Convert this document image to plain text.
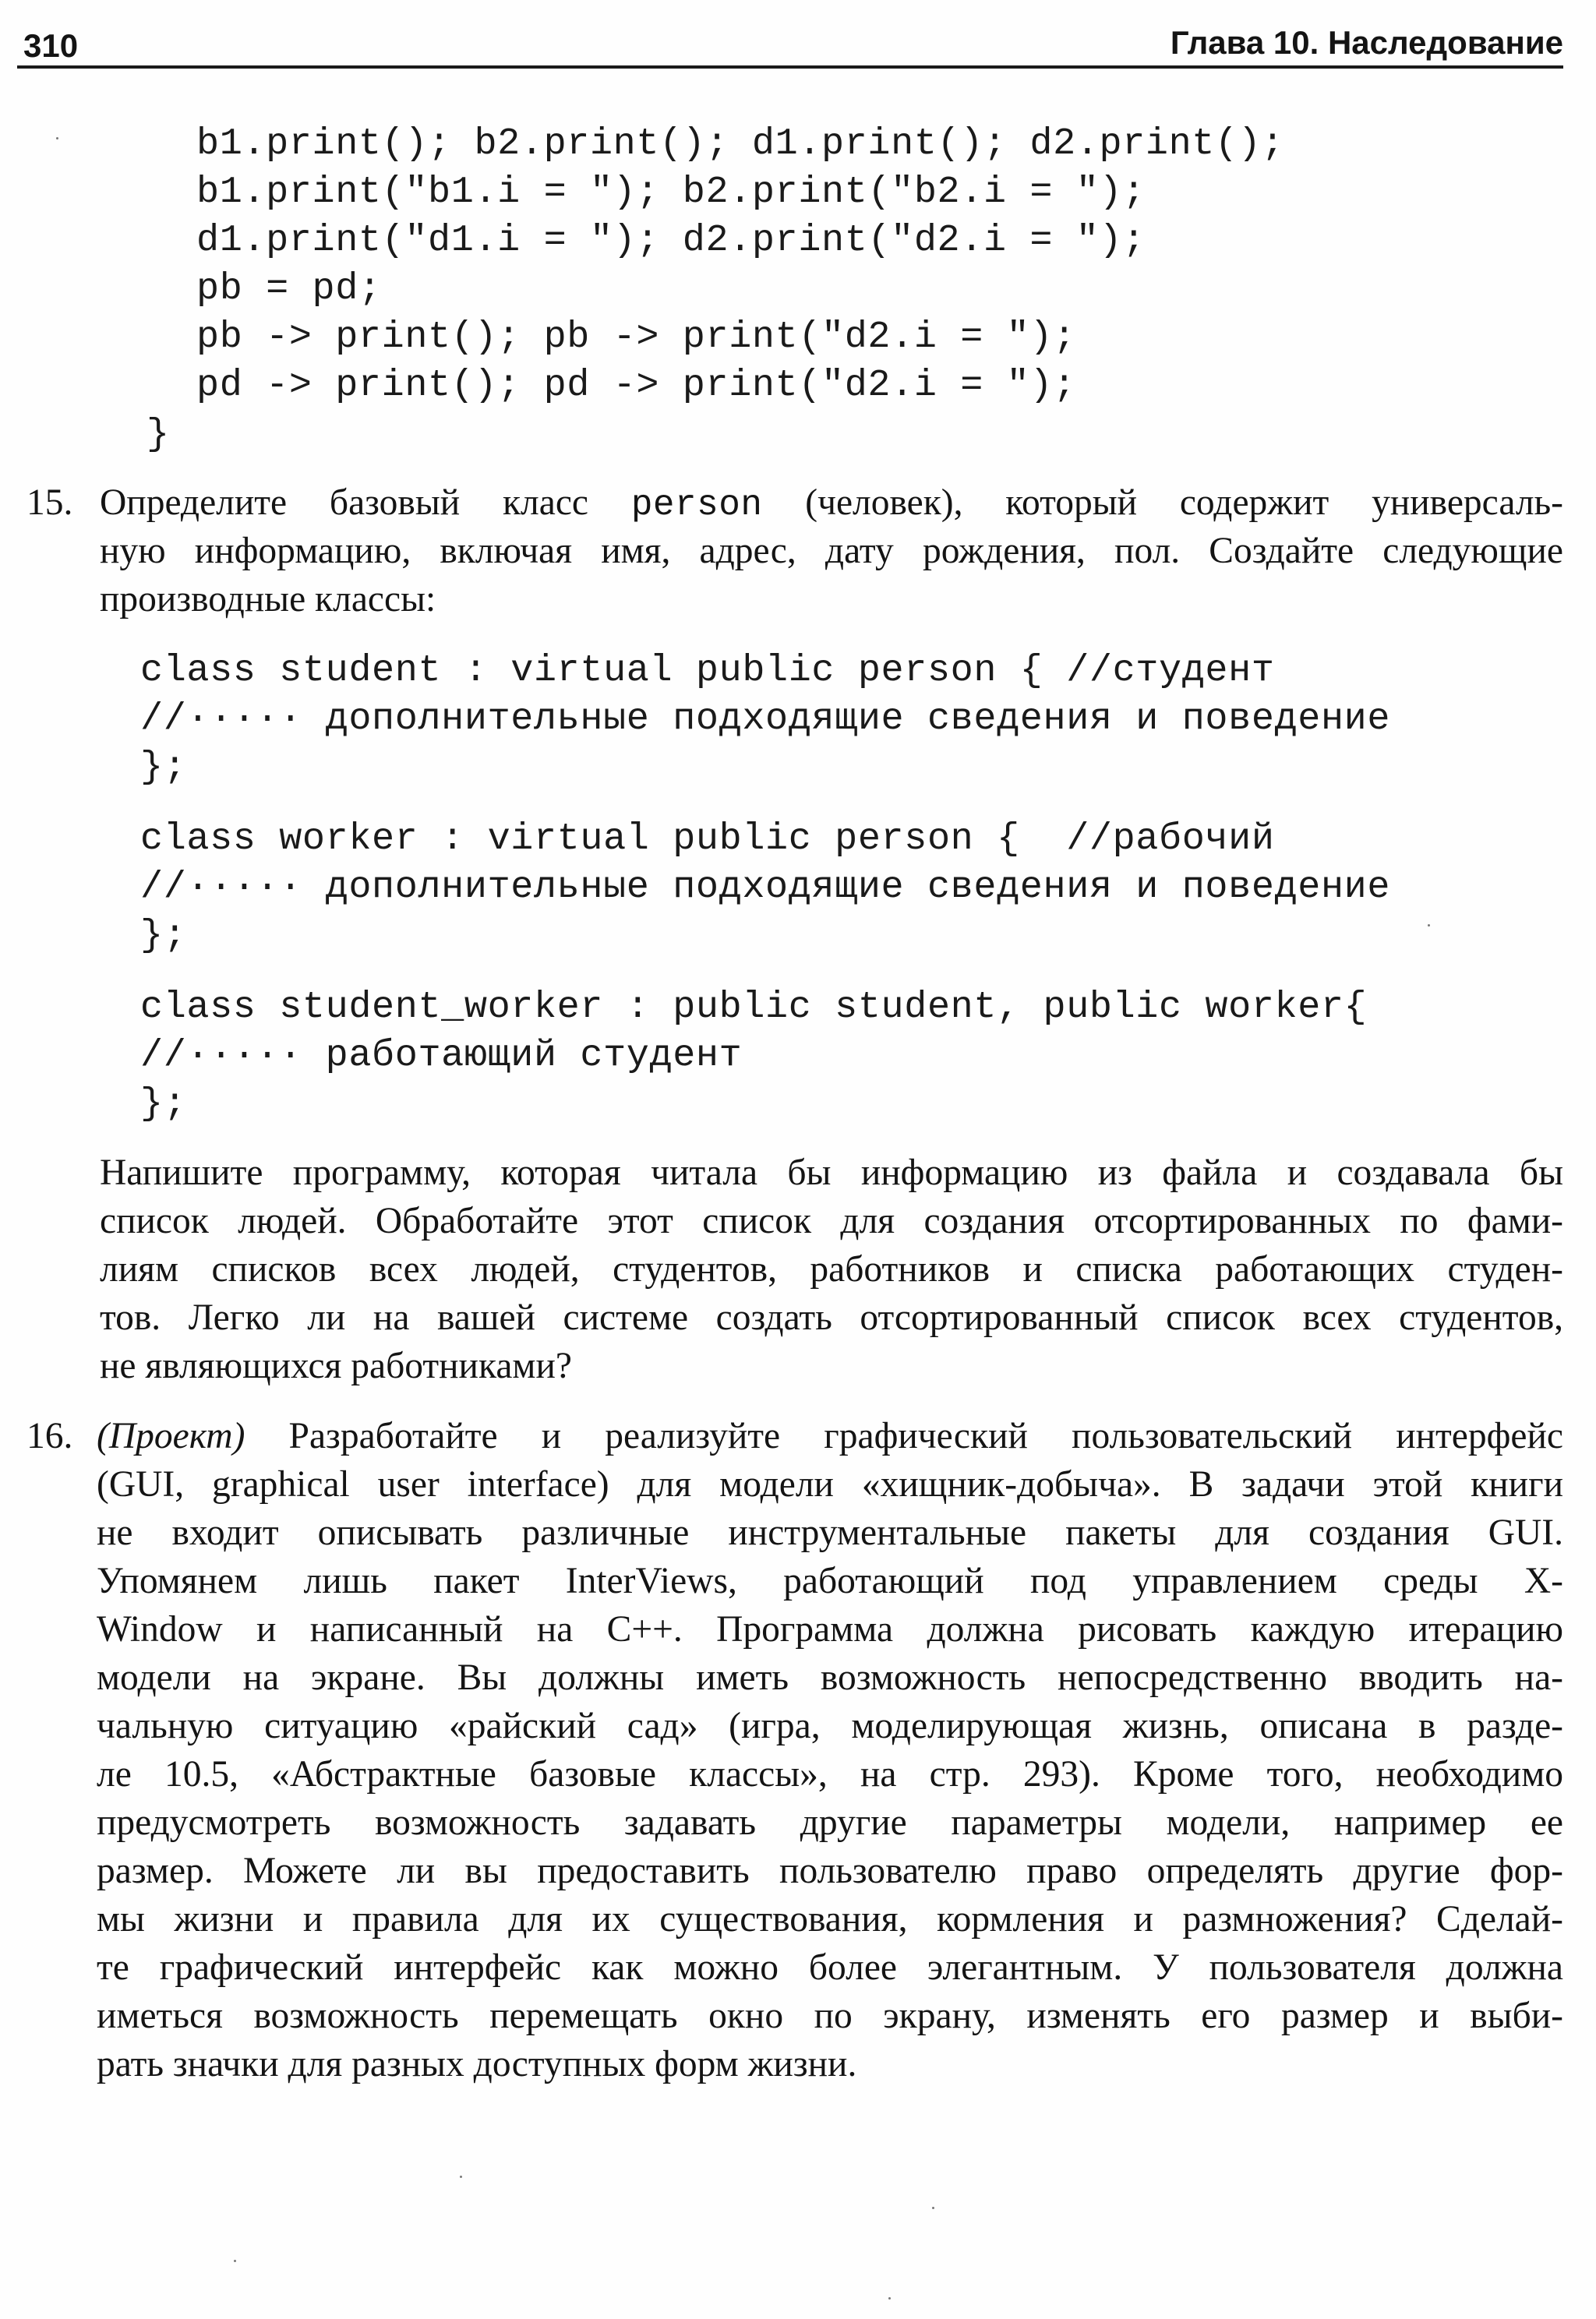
310	Глава 10. Наследование

b1.print(); b2.print(); d1.print(); d2.print();

b1.print("b1.i = "); b2.print("b2.i = ");

d1.print("d1.i = "); d2.print("d2.i = ");

pb = pd;

pb -> print(); pb -> print("d2.i = ");

pd -> print(); pd -> print("d2.i = ");

}

15. Определите базовый класс person (человек), который содержит универсаль-
ную информацию, включая имя, адрес, дату рождения, пол. Создайте следующие
производные классы:

class student : virtual public person { //студент

//····· дополнительные подходящие сведения и поведение

};

class worker : virtual public person {  //рабочий

//····· дополнительные подходящие сведения и поведение

};

class student_worker : public student, public worker{

//····· работающий студент

};

Напишите программу, которая читала бы информацию из файла и создавала бы
список людей. Обработайте этот список для создания отсортированных по фами-
лиям списков всех людей, студентов, работников и списка работающих студен-
тов. Легко ли на вашей системе создать отсортированный список всех студентов,
не являющихся работниками?
16. (Проект) Разработайте и реализуйте графический пользовательский интерфейс
(GUI, graphical user interface) для модели «хищник-добыча». В задачи этой книги
не входит описывать различные инструментальные пакеты для создания GUI.
Упомянем лишь пакет InterViews, работающий под управлением среды X-
Window и написанный на C++. Программа должна рисовать каждую итерацию
модели на экране. Вы должны иметь возможность непосредственно вводить на-
чальную ситуацию «райский сад» (игра, моделирующая жизнь, описана в разде-
ле 10.5, «Абстрактные базовые классы», на стр. 293). Кроме того, необходимо
предусмотреть возможность задавать другие параметры модели, например ее
размер. Можете ли вы предоставить пользователю право определять другие фор-
мы жизни и правила для их существования, кормления и размножения? Сделай-
те графический интерфейс как можно более элегантным. У пользователя должна
иметься возможность перемещать окно по экрану, изменять его размер и выби-
рать значки для разных доступных форм жизни.
